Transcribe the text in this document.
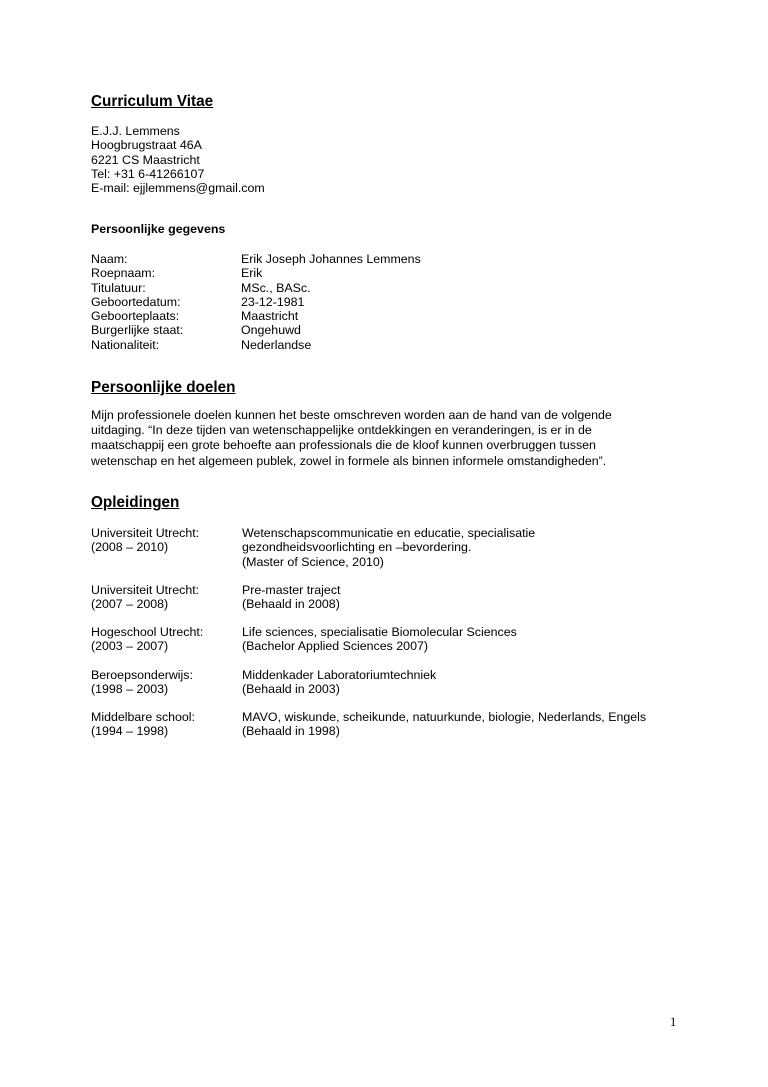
Curriculum Vitae
E.J.J. Lemmens
Hoogbrugstraat 46A
6221 CS Maastricht
Tel: +31 6-41266107
E-mail: ejjlemmens@gmail.com
Persoonlijke gegevens
Naam:	Erik Joseph Johannes Lemmens
Roepnaam:	Erik
Titulatuur:	MSc., BASc.
Geboortedatum:	23-12-1981
Geboorteplaats:	Maastricht
Burgerlijke staat:	Ongehuwd
Nationaliteit:	Nederlandse
Persoonlijke doelen
Mijn professionele doelen kunnen het beste omschreven worden aan de hand van de volgende
uitdaging. “In deze tijden van wetenschappelijke ontdekkingen en veranderingen, is er in de
maatschappij een grote behoefte aan professionals die de kloof kunnen overbruggen tussen
wetenschap en het algemeen publek, zowel in formele als binnen informele omstandigheden”.
Opleidingen
Universiteit Utrecht:	Wetenschapscommunicatie en educatie, specialisatie
(2008 – 2010)	gezondheidsvoorlichting en –bevordering.
(Master of Science, 2010)
Universiteit Utrecht:	Pre-master traject
(2007 – 2008)	(Behaald in 2008)
Hogeschool Utrecht:	Life sciences, specialisatie Biomolecular Sciences
(2003 – 2007)	(Bachelor Applied Sciences 2007)
Beroepsonderwijs:	Middenkader Laboratoriumtechniek
(1998 – 2003)	(Behaald in 2003)
Middelbare school:	MAVO, wiskunde, scheikunde, natuurkunde, biologie, Nederlands, Engels
(1994 – 1998)	(Behaald in 1998)
1
